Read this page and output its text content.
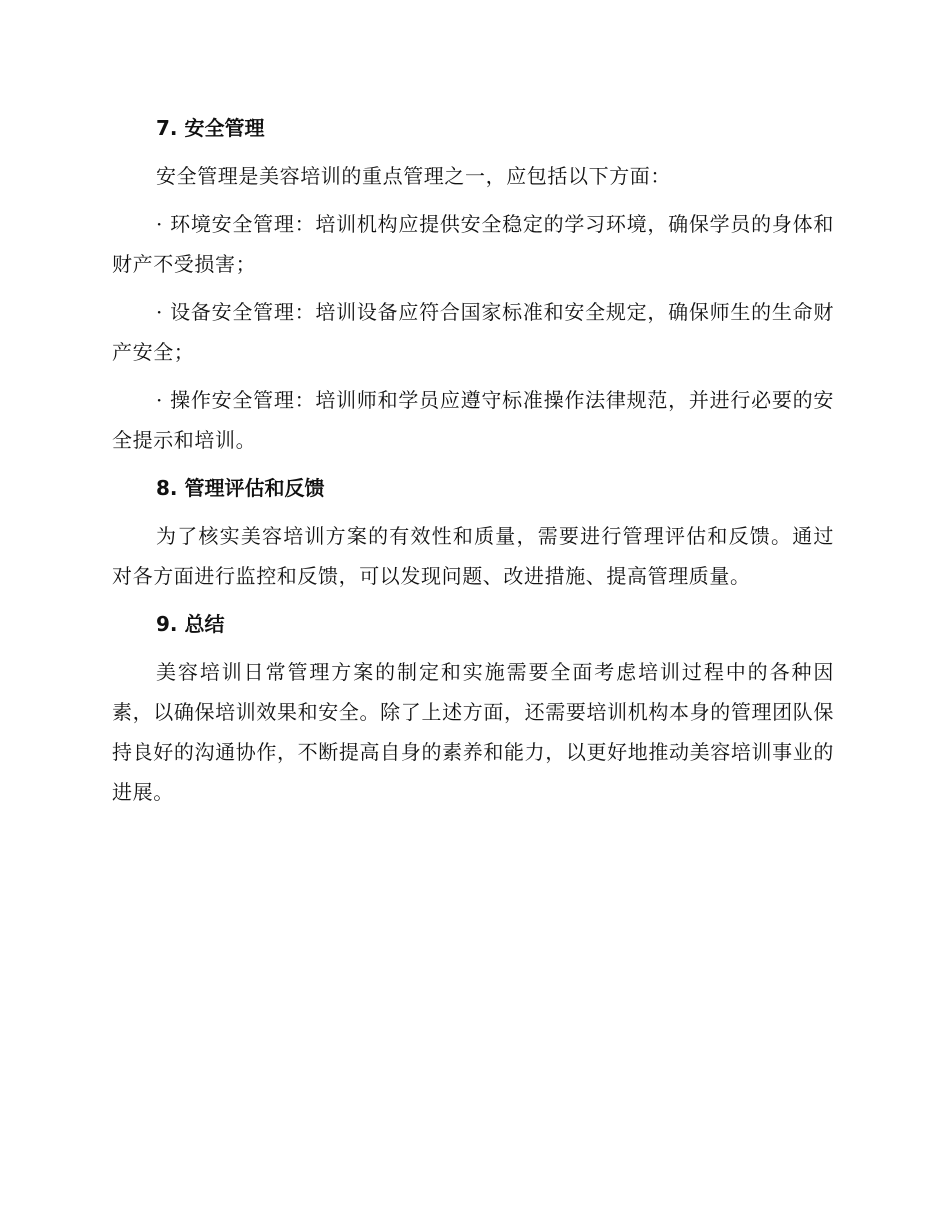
7. 安全管理

安全管理是美容培训的重点管理之一，应包括以下方面：

· 环境安全管理：培训机构应提供安全稳定的学习环境，确保学员的身体和财产不受损害；

· 设备安全管理：培训设备应符合国家标准和安全规定，确保师生的生命财产安全；

· 操作安全管理：培训师和学员应遵守标准操作法律规范，并进行必要的安全提示和培训。

8. 管理评估和反馈

为了核实美容培训方案的有效性和质量，需要进行管理评估和反馈。通过对各方面进行监控和反馈，可以发现问题、改进措施、提高管理质量。

9. 总结

美容培训日常管理方案的制定和实施需要全面考虑培训过程中的各种因素，以确保培训效果和安全。除了上述方面，还需要培训机构本身的管理团队保持良好的沟通协作，不断提高自身的素养和能力，以更好地推动美容培训事业的进展。
